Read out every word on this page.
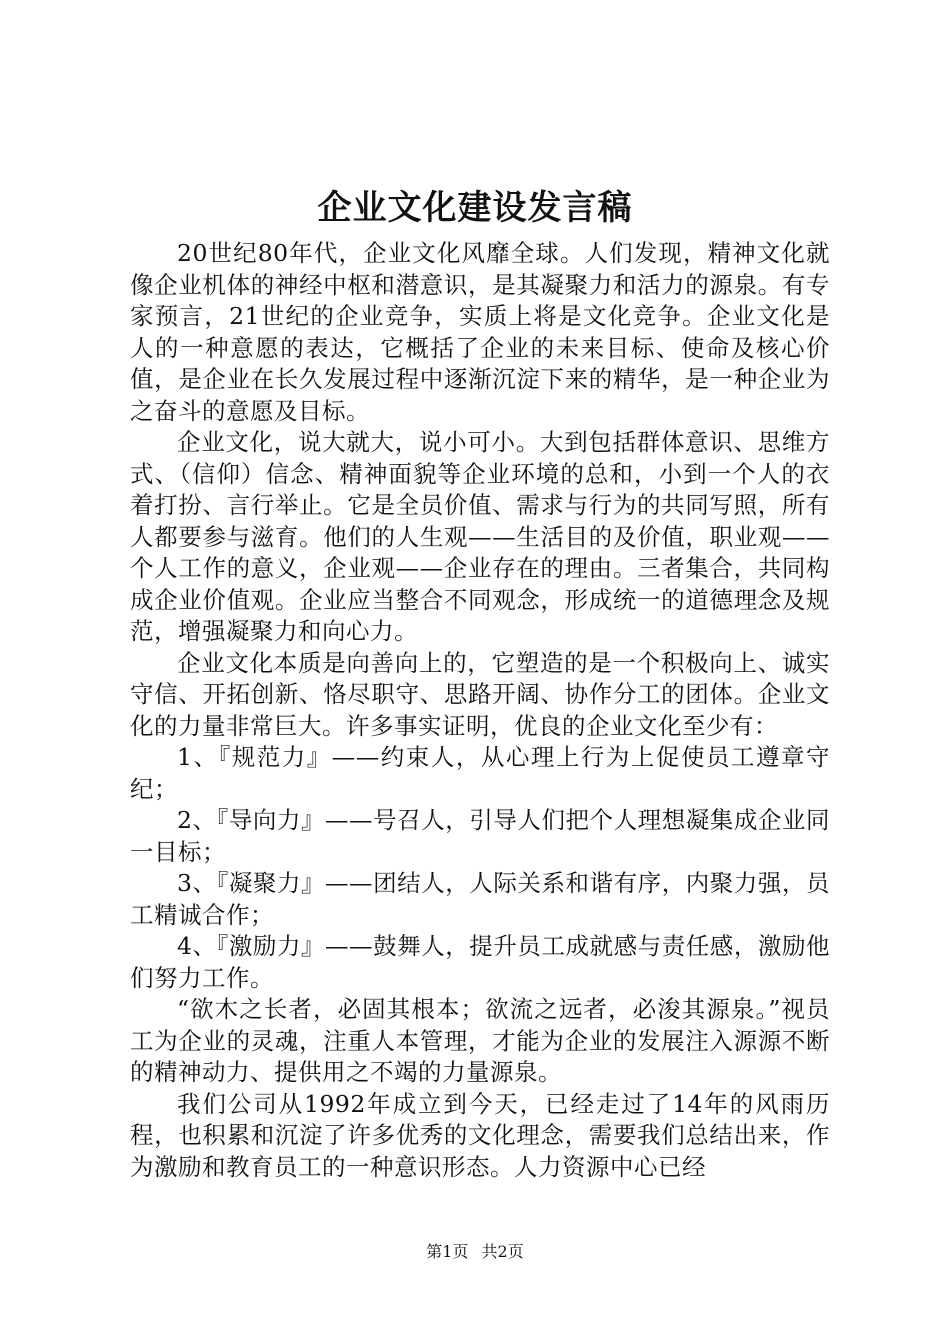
企业文化建设发言稿

20世纪80年代，企业文化风靡全球。人们发现，精神文化就像企业机体的神经中枢和潜意识，是其凝聚力和活力的源泉。有专家预言，21世纪的企业竞争，实质上将是文化竞争。企业文化是人的一种意愿的表达，它概括了企业的未来目标、使命及核心价值，是企业在长久发展过程中逐渐沉淀下来的精华，是一种企业为之奋斗的意愿及目标。

企业文化，说大就大，说小可小。大到包括群体意识、思维方式、（信仰）信念、精神面貌等企业环境的总和，小到一个人的衣着打扮、言行举止。它是全员价值、需求与行为的共同写照，所有人都要参与滋育。他们的人生观——生活目的及价值，职业观——个人工作的意义，企业观——企业存在的理由。三者集合，共同构成企业价值观。企业应当整合不同观念，形成统一的道德理念及规范，增强凝聚力和向心力。

企业文化本质是向善向上的，它塑造的是一个积极向上、诚实守信、开拓创新、恪尽职守、思路开阔、协作分工的团体。企业文化的力量非常巨大。许多事实证明，优良的企业文化至少有：

1、『规范力』——约束人，从心理上行为上促使员工遵章守纪；

2、『导向力』——号召人，引导人们把个人理想凝集成企业同一目标；

3、『凝聚力』——团结人，人际关系和谐有序，内聚力强，员工精诚合作；

4、『激励力』——鼓舞人，提升员工成就感与责任感，激励他们努力工作。

“欲木之长者，必固其根本；欲流之远者，必浚其源泉。”视员工为企业的灵魂，注重人本管理，才能为企业的发展注入源源不断的精神动力、提供用之不竭的力量源泉。

我们公司从1992年成立到今天，已经走过了14年的风雨历程，也积累和沉淀了许多优秀的文化理念，需要我们总结出来，作为激励和教育员工的一种意识形态。人力资源中心已经

第1页 共2页
